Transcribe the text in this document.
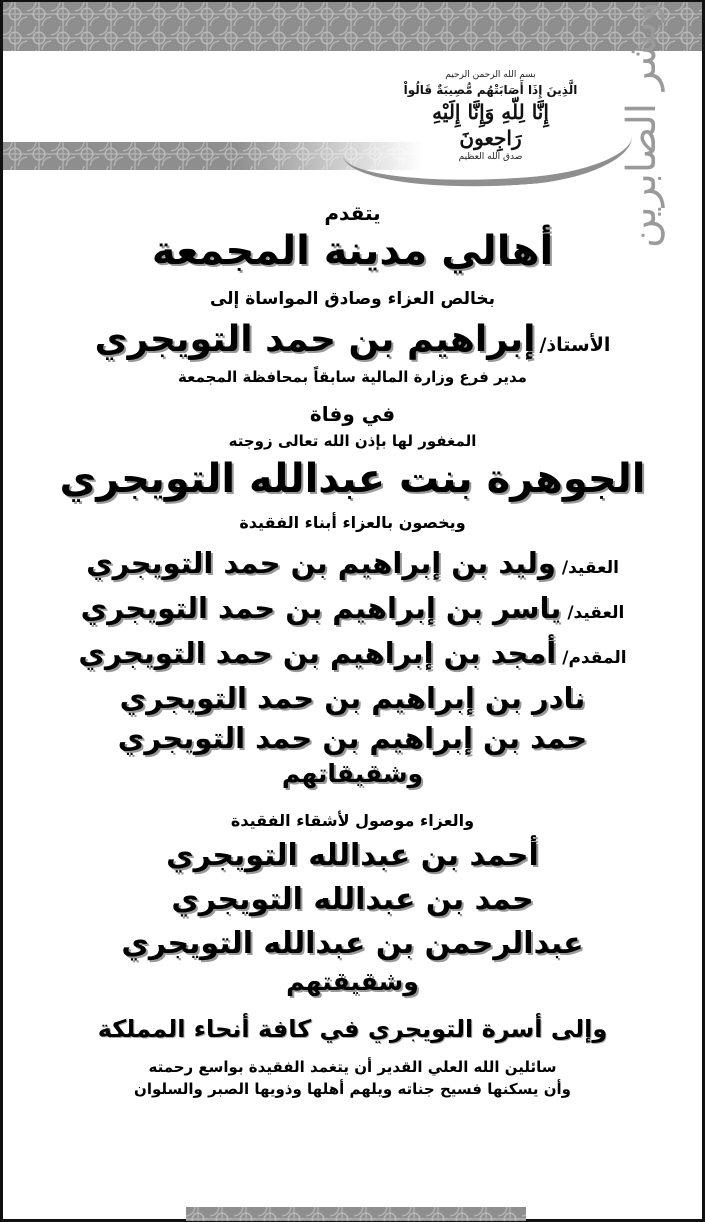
وبشر الصابرين
بسم الله الرحمن الرحيم
الَّذِينَ إِذَا أَصَابَتْهُم مُّصِيبَةٌ قَالُواْ
إِنَّا لِلّهِ وَإِنَّا إِلَيْهِ رَاجِعونَ
صدق الله العظيم
يتقدم
أهالي مدينة المجمعة
بخالص العزاء وصادق المواساة إلى
الأستاذ/إبراهيم بن حمد التويجري
مدير فرع وزارة المالية سابقاً بمحافظة المجمعة
في وفاة
المغفور لها بإذن الله تعالى زوجته
الجوهرة بنت عبدالله التويجري
ويخصون بالعزاء أبناء الفقيدة
العقيد/وليد بن إبراهيم بن حمد التويجري
العقيد/ياسر بن إبراهيم بن حمد التويجري
المقدم/أمجد بن إبراهيم بن حمد التويجري
نادر بن إبراهيم بن حمد التويجري
حمد بن إبراهيم بن حمد التويجري
وشقيقاتهم
والعزاء موصول لأشقاء الفقيدة
أحمد بن عبدالله التويجري
حمد بن عبدالله التويجري
عبدالرحمن بن عبدالله التويجري
وشقيقتهم
وإلى أسرة التويجري في كافة أنحاء المملكة
سائلين الله العلي القدير أن يتغمد الفقيدة بواسع رحمته
وأن يسكنها فسيح جناته ويلهم أهلها وذويها الصبر والسلوان
